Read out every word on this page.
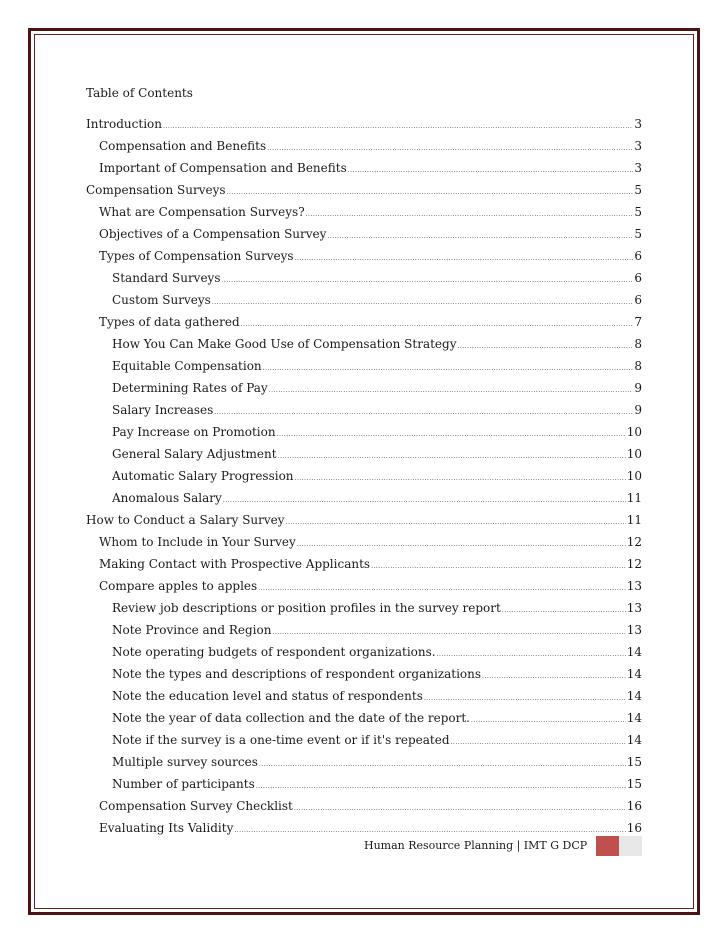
Table of Contents
Introduction .....	3
Compensation and Benefits .....	3
Important of Compensation and Benefits .....	3
Compensation Surveys .....	5
What are Compensation Surveys? .....	5
Objectives of a Compensation Survey .....	5
Types of Compensation Surveys .....	6
Standard Surveys .....	6
Custom Surveys .....	6
Types of data gathered .....	7
How You Can Make Good Use of Compensation Strategy .....	8
Equitable Compensation .....	8
Determining Rates of Pay .....	9
Salary Increases .....	9
Pay Increase on Promotion .....	10
General Salary Adjustment .....	10
Automatic Salary Progression .....	10
Anomalous Salary .....	11
How to Conduct a Salary Survey .....	11
Whom to Include in Your Survey .....	12
Making Contact with Prospective Applicants .....	12
Compare apples to apples .....	13
Review job descriptions or position profiles in the survey report .....	13
Note Province and Region .....	13
Note operating budgets of respondent organizations. .....	14
Note the types and descriptions of respondent organizations .....	14
Note the education level and status of respondents .....	14
Note the year of data collection and the date of the report. .....	14
Note if the survey is a one-time event or if it's repeated .....	14
Multiple survey sources .....	15
Number of participants .....	15
Compensation Survey Checklist .....	16
Evaluating Its Validity .....	16
Human Resource Planning | IMT G DCP
